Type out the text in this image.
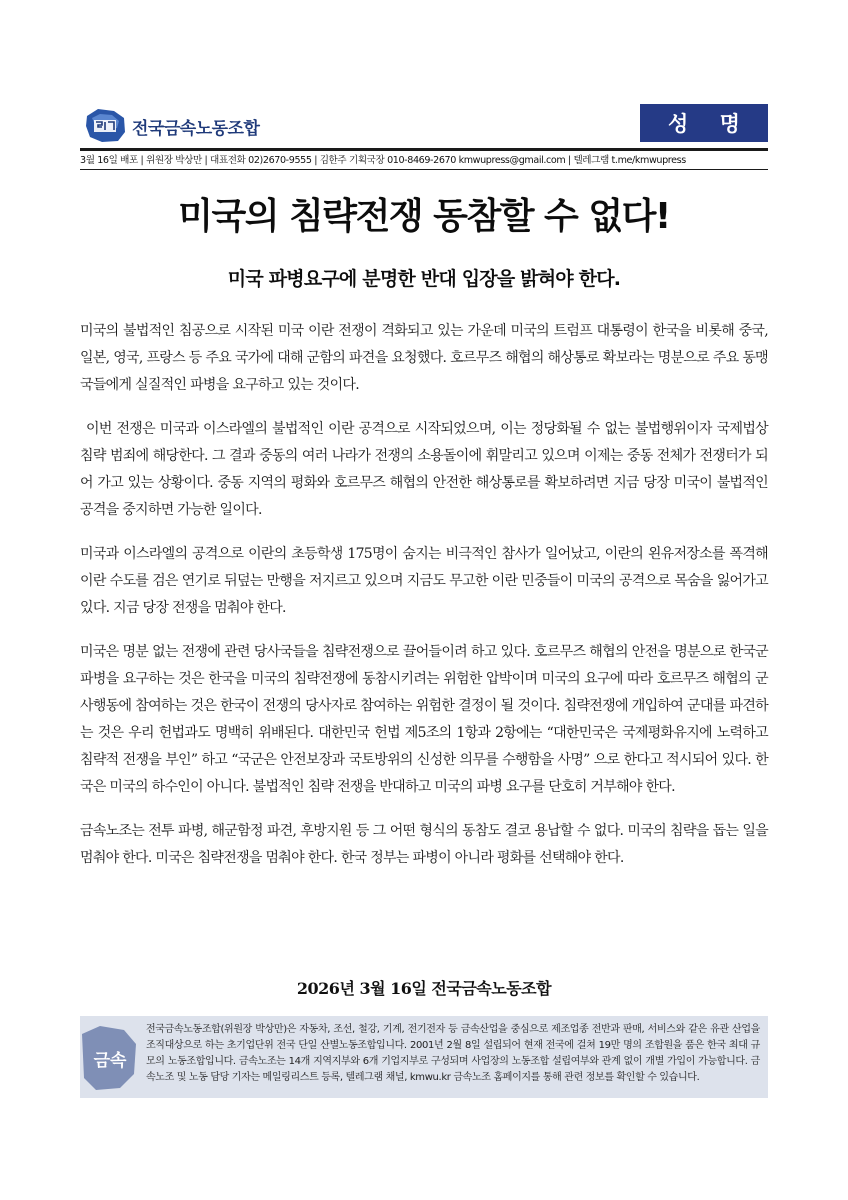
전국금속노동조합	성 명
3월 16일 배포 | 위원장 박상만 | 대표전화 02)2670-9555 | 김한주 기획국장 010-8469-2670 kmwupress@gmail.com | 텔레그램 t.me/kmwupress
미국의 침략전쟁 동참할 수 없다!
미국 파병요구에 분명한 반대 입장을 밝혀야 한다.

미국의 불법적인 침공으로 시작된 미국 이란 전쟁이 격화되고 있는 가운데 미국의 트럼프 대통령이 한국을 비롯해 중국, 일본, 영국, 프랑스 등 주요 국가에 대해 군함의 파견을 요청했다. 호르무즈 해협의 해상통로 확보라는 명분으로 주요 동맹국들에게 실질적인 파병을 요구하고 있는 것이다.

이번 전쟁은 미국과 이스라엘의 불법적인 이란 공격으로 시작되었으며, 이는 정당화될 수 없는 불법행위이자 국제법상 침략 범죄에 해당한다. 그 결과 중동의 여러 나라가 전쟁의 소용돌이에 휘말리고 있으며 이제는 중동 전체가 전쟁터가 되어 가고 있는 상황이다. 중동 지역의 평화와 호르무즈 해협의 안전한 해상통로를 확보하려면 지금 당장 미국이 불법적인 공격을 중지하면 가능한 일이다.

미국과 이스라엘의 공격으로 이란의 초등학생 175명이 숨지는 비극적인 참사가 일어났고, 이란의 왼유저장소를 폭격해 이란 수도를 검은 연기로 뒤덮는 만행을 저지르고 있으며 지금도 무고한 이란 민중들이 미국의 공격으로 목숨을 잃어가고 있다. 지금 당장 전쟁을 멈춰야 한다.

미국은 명분 없는 전쟁에 관련 당사국들을 침략전쟁으로 끌어들이려 하고 있다. 호르무즈 해협의 안전을 명분으로 한국군 파병을 요구하는 것은 한국을 미국의 침략전쟁에 동참시키려는 위험한 압박이며 미국의 요구에 따라 호르무즈 해협의 군사행동에 참여하는 것은 한국이 전쟁의 당사자로 참여하는 위험한 결정이 될 것이다. 침략전쟁에 개입하여 군대를 파견하는 것은 우리 헌법과도 명백히 위배된다. 대한민국 헌법 제5조의 1항과 2항에는 “대한민국은 국제평화유지에 노력하고 침략적 전쟁을 부인” 하고 “국군은 안전보장과 국토방위의 신성한 의무를 수행함을 사명” 으로 한다고 적시되어 있다. 한국은 미국의 하수인이 아니다. 불법적인 침략 전쟁을 반대하고 미국의 파병 요구를 단호히 거부해야 한다.

금속노조는 전투 파병, 해군함정 파견, 후방지원 등 그 어떤 형식의 동참도 결코 용납할 수 없다. 미국의 침략을 돕는 일을 멈춰야 한다. 미국은 침략전쟁을 멈춰야 한다. 한국 정부는 파병이 아니라 평화를 선택해야 한다.

2026년 3월 16일 전국금속노동조합
금속
전국금속노동조합(위원장 박상만)은 자동차, 조선, 철강, 기계, 전기전자 등 금속산업을 중심으로 제조업종 전반과 판매, 서비스와 같은 유관 산업을 조직대상으로 하는 초기업단위 전국 단일 산별노동조합입니다. 2001년 2월 8일 설립되어 현재 전국에 걸쳐 19만 명의 조합원을 품은 한국 최대 규모의 노동조합입니다. 금속노조는 14개 지역지부와 6개 기업지부로 구성되며 사업장의 노동조합 설립여부와 관계 없이 개별 가입이 가능합니다. 금속노조 및 노동 담당 기자는 메일링리스트 등록, 텔레그램 채널, kmwu.kr 금속노조 홈페이지를 통해 관련 정보를 확인할 수 있습니다.
